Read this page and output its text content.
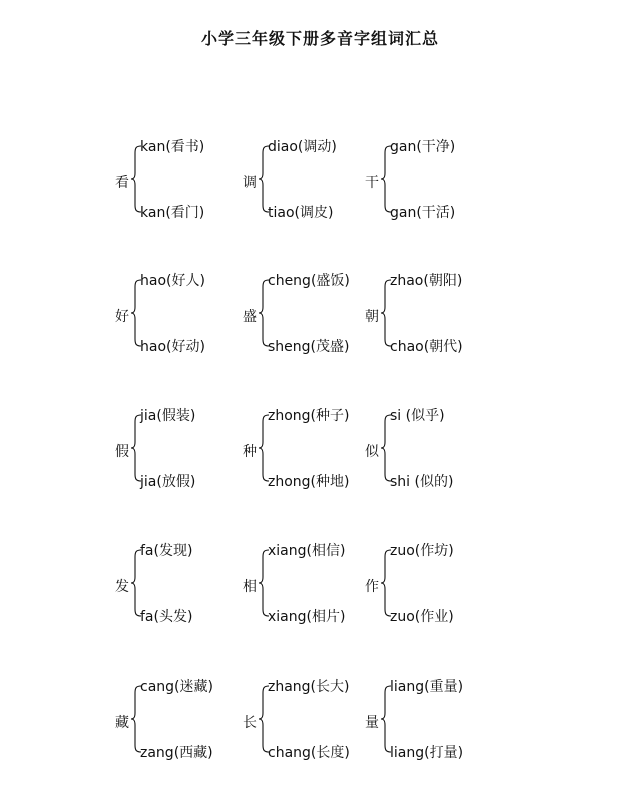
小学三年级下册多音字组词汇总
看
kan(看书)
kan(看门)
调
diao(调动)
tiao(调皮)
干
gan(干净)
gan(干活)
好
hao(好人)
hao(好动)
盛
cheng(盛饭)
sheng(茂盛)
朝
zhao(朝阳)
chao(朝代)
假
jia(假装)
jia(放假)
种
zhong(种子)
zhong(种地)
似
si (似乎)
shi (似的)
发
fa(发现)
fa(头发)
相
xiang(相信)
xiang(相片)
作
zuo(作坊)
zuo(作业)
藏
cang(迷藏)
zang(西藏)
长
zhang(长大)
chang(长度)
量
liang(重量)
liang(打量)
